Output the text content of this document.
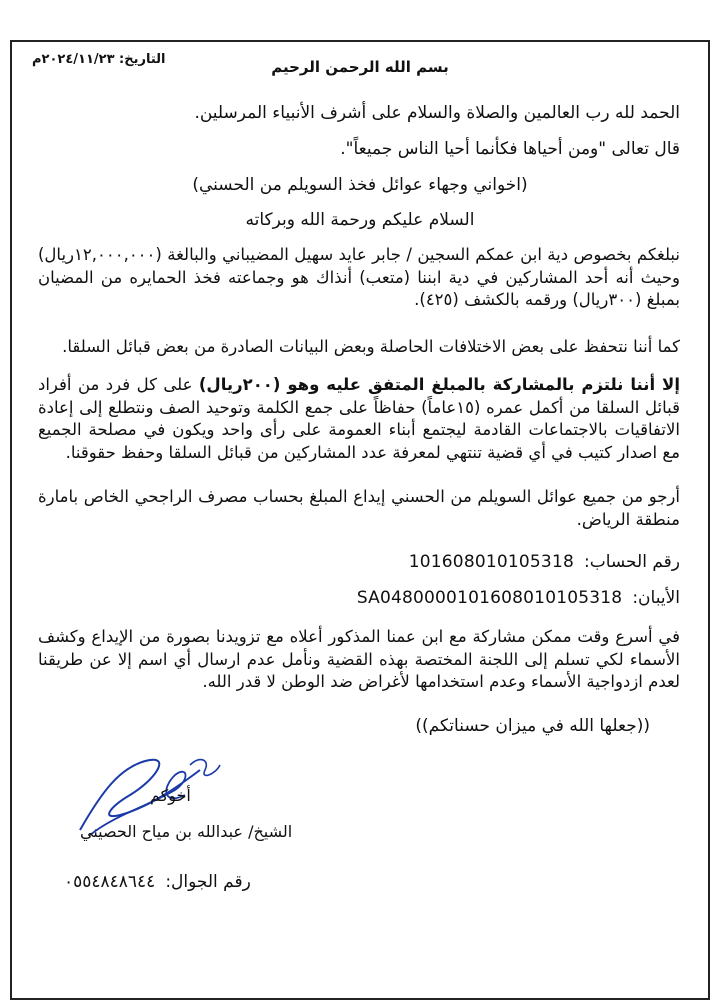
بسم الله الرحمن الرحيم
التاريخ: ٢٠٢٤/١١/٢٣م
الحمد لله رب العالمين والصلاة والسلام على أشرف الأنبياء المرسلين.
قال تعالى "ومن أحياها فكأنما أحيا الناس جميعاً".
(اخواني وجهاء عوائل فخذ السويلم من الحسني)
السلام عليكم ورحمة الله وبركاته
نبلغكم بخصوص دية ابن عمكم السجين / جابر عايد سهيل المضيباني والبالغة (١٢,٠٠٠,٠٠٠ريال) وحيث أنه أحد المشاركين في دية ابننا (متعب) أنذاك هو وجماعته فخذ الحمايره من المضيان بمبلغ (٣٠٠ريال) ورقمه بالكشف (٤٢٥).
كما أننا نتحفظ على بعض الاختلافات الحاصلة وبعض البيانات الصادرة من بعض قبائل السلقا.
إلا أننا نلتزم بالمشاركة بالمبلغ المتفق عليه وهو (٢٠٠ريال) على كل فرد من أفراد قبائل السلقا من أكمل عمره (١٥عاماً) حفاظاً على جمع الكلمة وتوحيد الصف ونتطلع إلى إعادة الاتفاقيات بالاجتماعات القادمة ليجتمع أبناء العمومة على رأى واحد ويكون في مصلحة الجميع مع اصدار كتيب في أي قضية تنتهي لمعرفة عدد المشاركين من قبائل السلقا وحفظ حقوقنا.
أرجو من جميع عوائل السويلم من الحسني إيداع المبلغ بحساب مصرف الراجحي الخاص بامارة منطقة الرياض.
رقم الحساب:
101608010105318
الأيبان:
SA0480000101608010105318
في أسرع وقت ممكن مشاركة مع ابن عمنا المذكور أعلاه مع تزويدنا بصورة من الإيداع وكشف الأسماء لكي تسلم إلى اللجنة المختصة بهذه القضية ونأمل عدم ارسال أي اسم إلا عن طريقنا لعدم ازدواجية الأسماء وعدم استخدامها لأغراض ضد الوطن لا قدر الله.
((جعلها الله في ميزان حسناتكم))
أخوكم
الشيخ/ عبدالله بن مياح الحصيني
رقم الجوال:
٠٥٥٤٨٤٨٦٤٤
